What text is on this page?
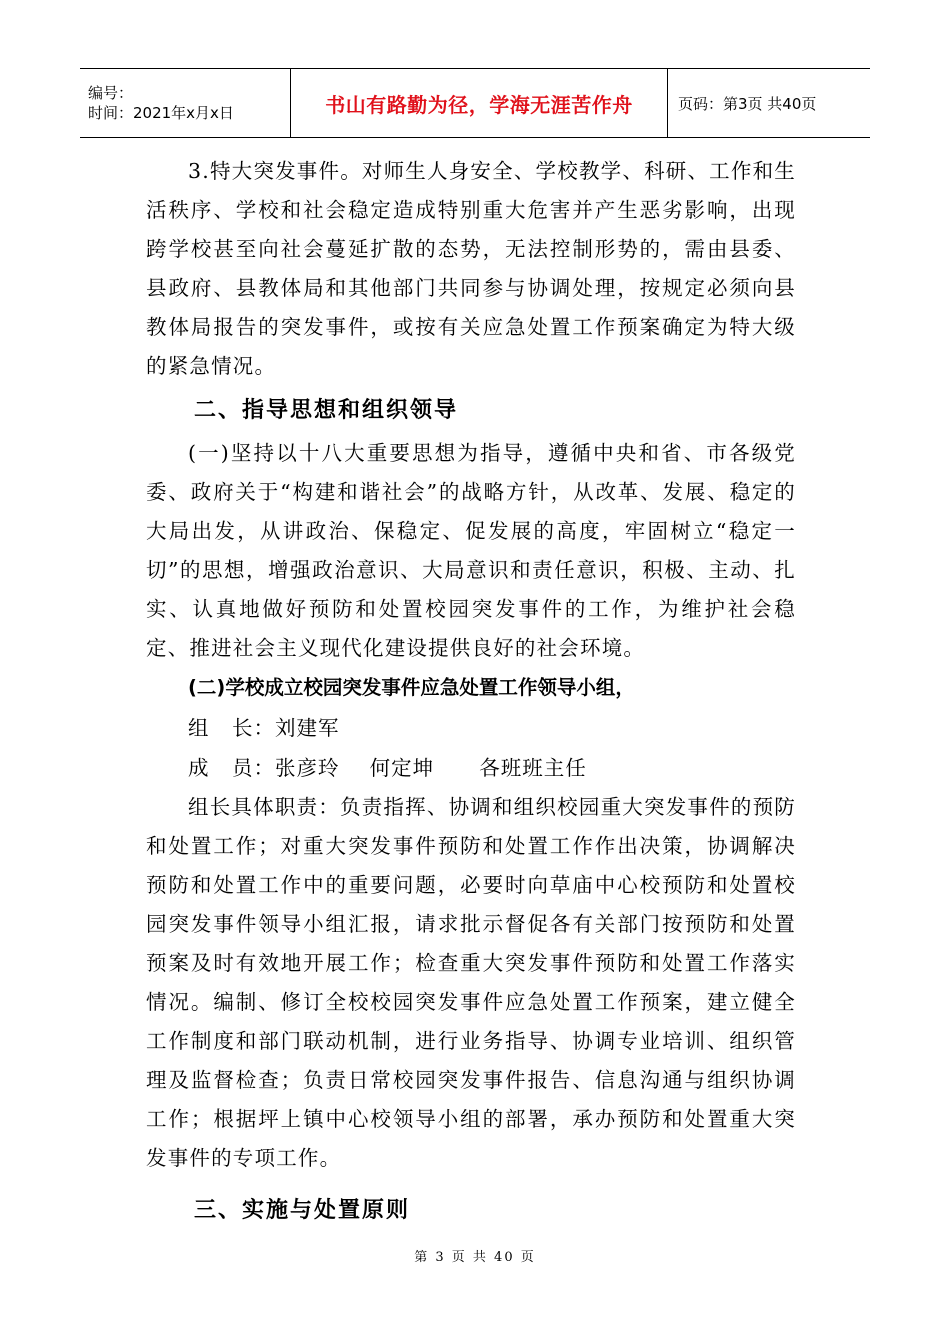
编号：
时间：2021年x月x日	书山有路勤为径，学海无涯苦作舟	页码：第3页 共40页

3.特大突发事件。对师生人身安全、学校教学、科研、工作和生活秩序、学校和社会稳定造成特别重大危害并产生恶劣影响，出现跨学校甚至向社会蔓延扩散的态势，无法控制形势的，需由县委、县政府、县教体局和其他部门共同参与协调处理，按规定必须向县教体局报告的突发事件，或按有关应急处置工作预案确定为特大级的紧急情况。

二、指导思想和组织领导

(一)坚持以十八大重要思想为指导，遵循中央和省、市各级党委、政府关于“构建和谐社会”的战略方针，从改革、发展、稳定的大局出发，从讲政治、保稳定、促发展的高度，牢固树立“稳定一切”的思想，增强政治意识、大局意识和责任意识，积极、主动、扎实、认真地做好预防和处置校园突发事件的工作，为维护社会稳定、推进社会主义现代化建设提供良好的社会环境。

(二)学校成立校园突发事件应急处置工作领导小组，
组   长：刘建军
成   员：张彦玲    何定坤      各班班主任

组长具体职责：负责指挥、协调和组织校园重大突发事件的预防和处置工作；对重大突发事件预防和处置工作作出决策，协调解决预防和处置工作中的重要问题，必要时向草庙中心校预防和处置校园突发事件领导小组汇报，请求批示督促各有关部门按预防和处置预案及时有效地开展工作；检查重大突发事件预防和处置工作落实情况。编制、修订全校校园突发事件应急处置工作预案，建立健全工作制度和部门联动机制，进行业务指导、协调专业培训、组织管理及监督检查；负责日常校园突发事件报告、信息沟通与组织协调工作；根据坪上镇中心校领导小组的部署，承办预防和处置重大突发事件的专项工作。

三、实施与处置原则
第 3 页 共 40 页
